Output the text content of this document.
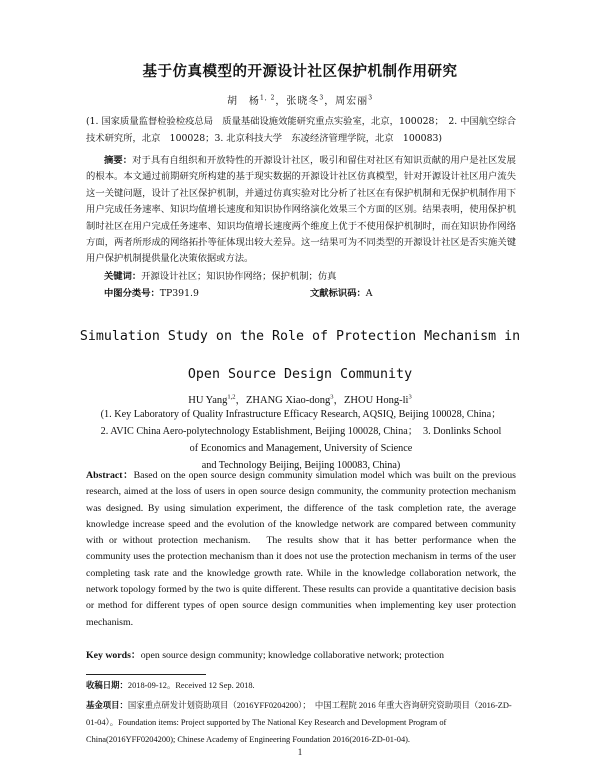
基于仿真模型的开源设计社区保护机制作用研究
胡　杨$^{1, 2}$，张晓冬$^3$，周宏丽$^3$
(1. 国家质量监督检验检疫总局　质量基础设施效能研究重点实验室，北京，100028；　2. 中国航空综合技术研究所，北京　100028；3. 北京科技大学　东凌经济管理学院，北京　100083)
摘要：对于具有自组织和开放特性的开源设计社区，吸引和留住对社区有知识贡献的用户是社区发展的根本。本文通过前期研究所构建的基于现实数据的开源设计社区仿真模型，针对开源设计社区用户流失这一关键问题，设计了社区保护机制，并通过仿真实验对比分析了社区在有保护机制和无保护机制作用下用户完成任务速率、知识均值增长速度和知识协作网络演化效果三个方面的区别。结果表明，使用保护机制时社区在用户完成任务速率、知识均值增长速度两个维度上优于不使用保护机制时，而在知识协作网络方面，两者所形成的网络拓扑等征体现出较大差异。这一结果可为不同类型的开源设计社区是否实施关键用户保护机制提供量化决策依据或方法。
关键词：开源设计社区；知识协作网络；保护机制；仿真
中图分类号：TP391.9	文献标识码：A
Simulation Study on the Role of Protection Mechanism in Open Source Design Community
HU Yang$^{1,2}$，ZHANG Xiao-dong$^3$，ZHOU Hong-$li^3$
(1. Key Laboratory of Quality Infrastructure Efficacy Research, AQSIQ, Beijing 100028, China；
2. AVIC China Aero-polytechnology Establishment, Beijing 100028, China；　3. Donlinks School
of Economics and Management, University of Science
and Technology Beijing, Beijing 100083, China)
Abstract：Based on the open source design community simulation model which was built on the previous research, aimed at the loss of users in open source design community, the community protection mechanism was designed. By using simulation experiment, the difference of the task completion rate, the average knowledge increase speed and the evolution of the knowledge network are compared between community with or without protection mechanism.　The results show that it has better performance when the community uses the protection mechanism than it does not use the protection mechanism in terms of the user completing task rate and the knowledge growth rate. While in the knowledge collaboration network, the network topology formed by the two is quite different. These results can provide a quantitative decision basis or method for different types of open source design communities when implementing key user protection mechanism.
Key words：open source design community; knowledge collaborative network; protection
收稿日期：2018-09-12。Received 12 Sep. 2018.
基金项目：国家重点研发计划资助项目（2016YFF0204200）；　中国工程院 2016 年重大咨询研究资助项目（2016-ZD-01-04）。Foundation items: Project supported by The National Key Research and Development Program of China(2016YFF0204200); Chinese Academy of Engineering Foundation 2016(2016-ZD-01-04).
1
